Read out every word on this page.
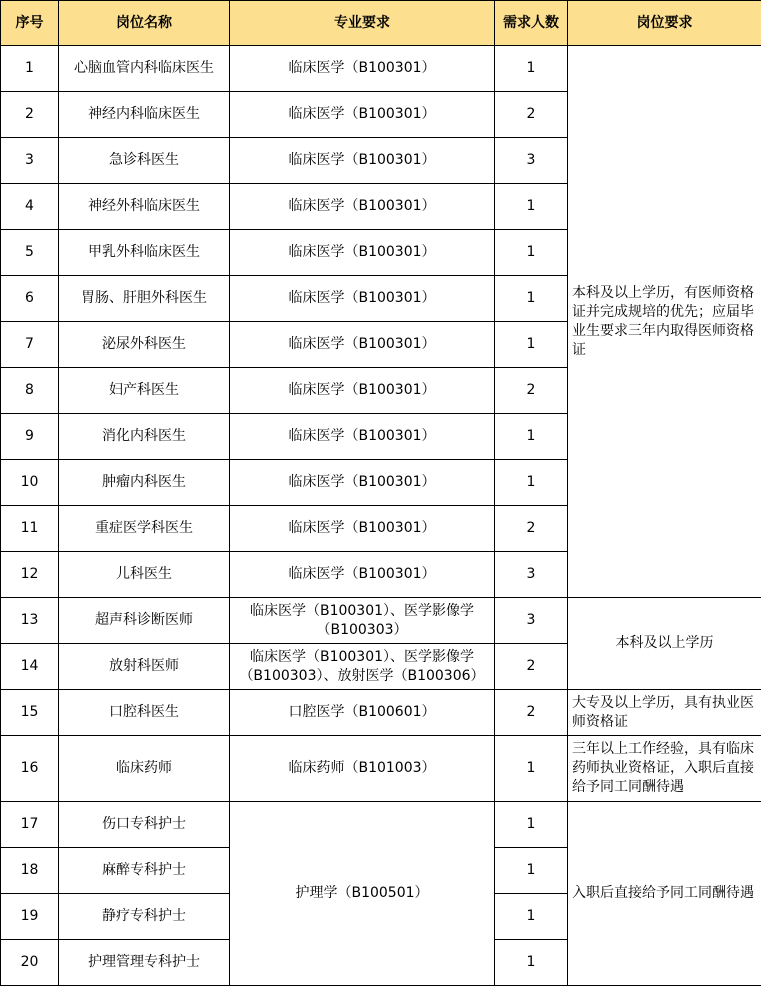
序号	岗位名称	专业要求	需求人数	岗位要求
1	心脑血管内科临床医生	临床医学（B100301）	1	本科及以上学历，有医师资格证并完成规培的优先；应届毕业生要求三年内取得医师资格证
2	神经内科临床医生	临床医学（B100301）	2	
3	急诊科医生	临床医学（B100301）	3	
4	神经外科临床医生	临床医学（B100301）	1	
5	甲乳外科临床医生	临床医学（B100301）	1	
6	胃肠、肝胆外科医生	临床医学（B100301）	1	
7	泌尿外科医生	临床医学（B100301）	1	
8	妇产科医生	临床医学（B100301）	2	
9	消化内科医生	临床医学（B100301）	1	
10	肿瘤内科医生	临床医学（B100301）	1	
11	重症医学科医生	临床医学（B100301）	2	
12	儿科医生	临床医学（B100301）	3	
13	超声科诊断医师	临床医学（B100301）、医学影像学（B100303）	3	本科及以上学历
14	放射科医师	临床医学（B100301）、医学影像学（B100303）、放射医学（B100306）	2	
15	口腔科医生	口腔医学（B100601）	2	大专及以上学历，具有执业医师资格证
16	临床药师	临床药师（B101003）	1	三年以上工作经验，具有临床药师执业资格证，入职后直接给予同工同酬待遇
17	伤口专科护士	护理学（B100501）	1	入职后直接给予同工同酬待遇
18	麻醉专科护士		1	
19	静疗专科护士		1	
20	护理管理专科护士		1	
